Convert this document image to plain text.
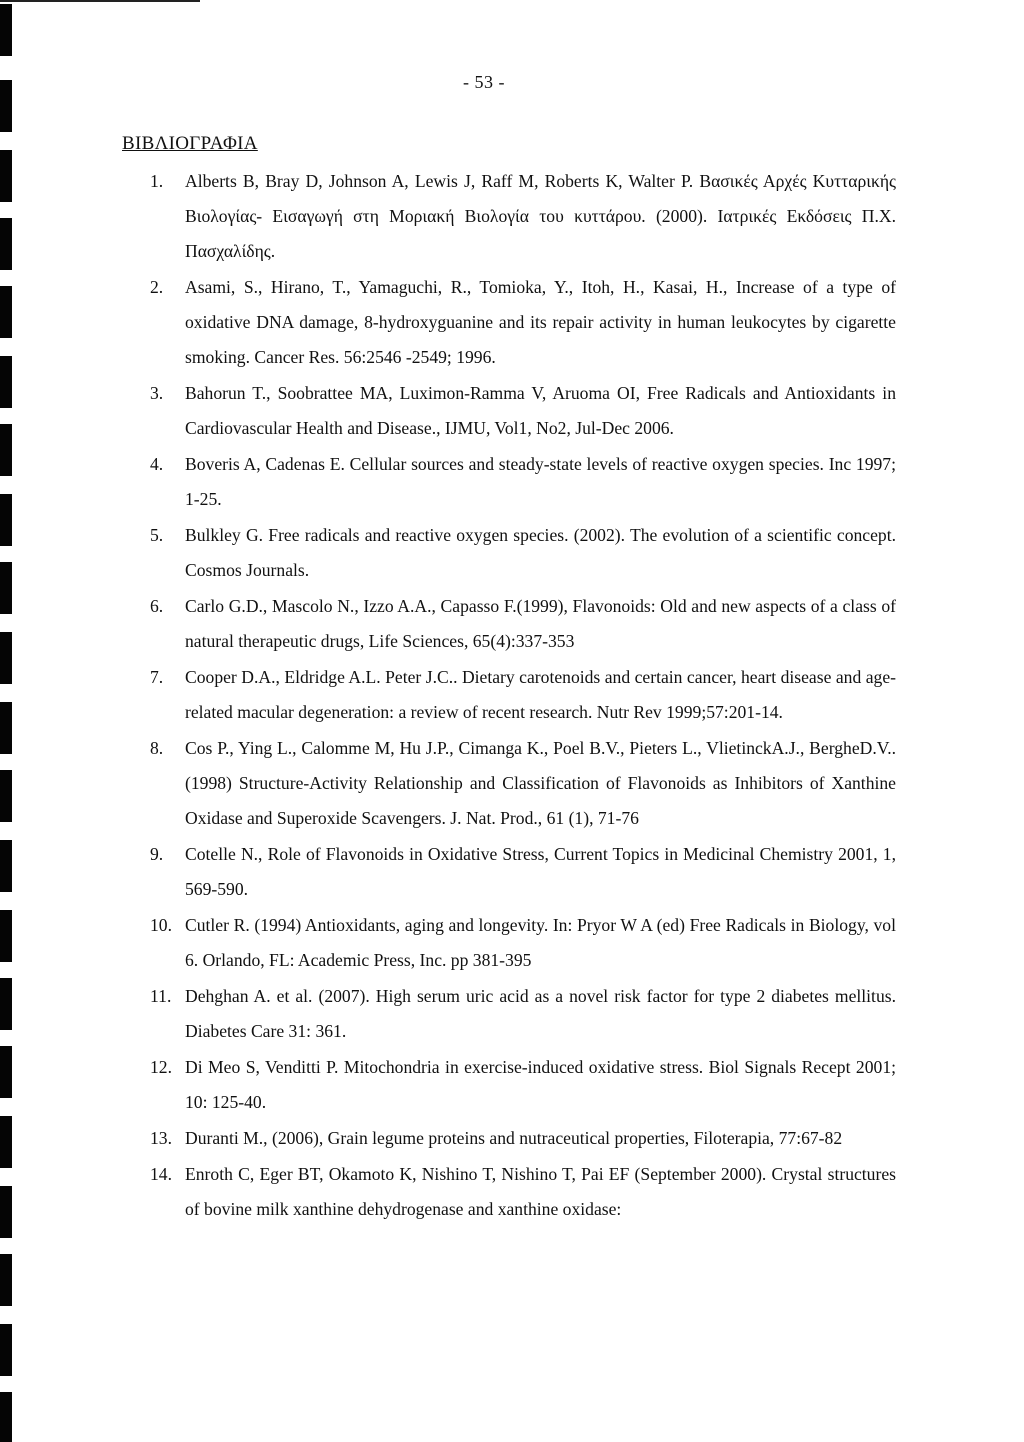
- 53 -
ΒΙΒΛΙΟΓΡΑΦΙΑ
1.	Alberts B, Bray D, Johnson A, Lewis J, Raff M, Roberts K, Walter P. Βασικές Αρχές Κυτταρικής Βιολογίας- Εισαγωγή στη Μοριακή Βιολογία του κυττάρου. (2000). Ιατρικές Εκδόσεις Π.Χ. Πασχαλίδης.
2.	Asami, S., Hirano, T., Yamaguchi, R., Tomioka, Y., Itoh, H., Kasai, H., Increase of a type of oxidative DNA damage, 8-hydroxyguanine and its repair activity in human leukocytes by cigarette smoking. Cancer Res. 56:2546 -2549; 1996.
3.	Bahorun T., Soobrattee MA, Luximon-Ramma V, Aruoma OI, Free Radicals and Antioxidants in Cardiovascular Health and Disease., IJMU, Vol1, No2, Jul-Dec 2006.
4.	Boveris A, Cadenas E. Cellular sources and steady-state levels of reactive oxygen species. Inc 1997; 1-25.
5.	Bulkley G. Free radicals and reactive oxygen species. (2002). The evolution of a scientific concept. Cosmos Journals.
6.	Carlo G.D., Mascolo N., Izzo A.A., Capasso F.(1999), Flavonoids: Old and new aspects of a class of natural therapeutic drugs, Life Sciences, 65(4):337-353
7.	Cooper D.A., Eldridge A.L. Peter J.C.. Dietary carotenoids and certain cancer, heart disease and age-related macular degeneration: a review of recent research. Nutr Rev 1999;57:201-14.
8.	Cos P., Ying L., Calomme M, Hu J.P., Cimanga K., Poel B.V., Pieters L., VlietinckA.J., BergheD.V..(1998) Structure-Activity Relationship and Classification of Flavonoids as Inhibitors of Xanthine Oxidase and Superoxide Scavengers. J. Nat. Prod., 61 (1), 71-76
9.	Cotelle N., Role of Flavonoids in Oxidative Stress, Current Topics in Medicinal Chemistry 2001, 1, 569-590.
10. Cutler R. (1994) Antioxidants, aging and longevity. In: Pryor W A (ed) Free Radicals in Biology, vol 6. Orlando, FL: Academic Press, Inc. pp 381-395
11. Dehghan A. et al. (2007). High serum uric acid as a novel risk factor for type 2 diabetes mellitus. Diabetes Care 31: 361.
12. Di Meo S, Venditti P. Mitochondria in exercise-induced oxidative stress. Biol Signals Recept 2001; 10: 125-40.
13. Duranti M., (2006), Grain legume proteins and nutraceutical properties, Filoterapia, 77:67-82
14. Enroth C, Eger BT, Okamoto K, Nishino T, Nishino T, Pai EF (September 2000). Crystal structures of bovine milk xanthine dehydrogenase and xanthine oxidase:
